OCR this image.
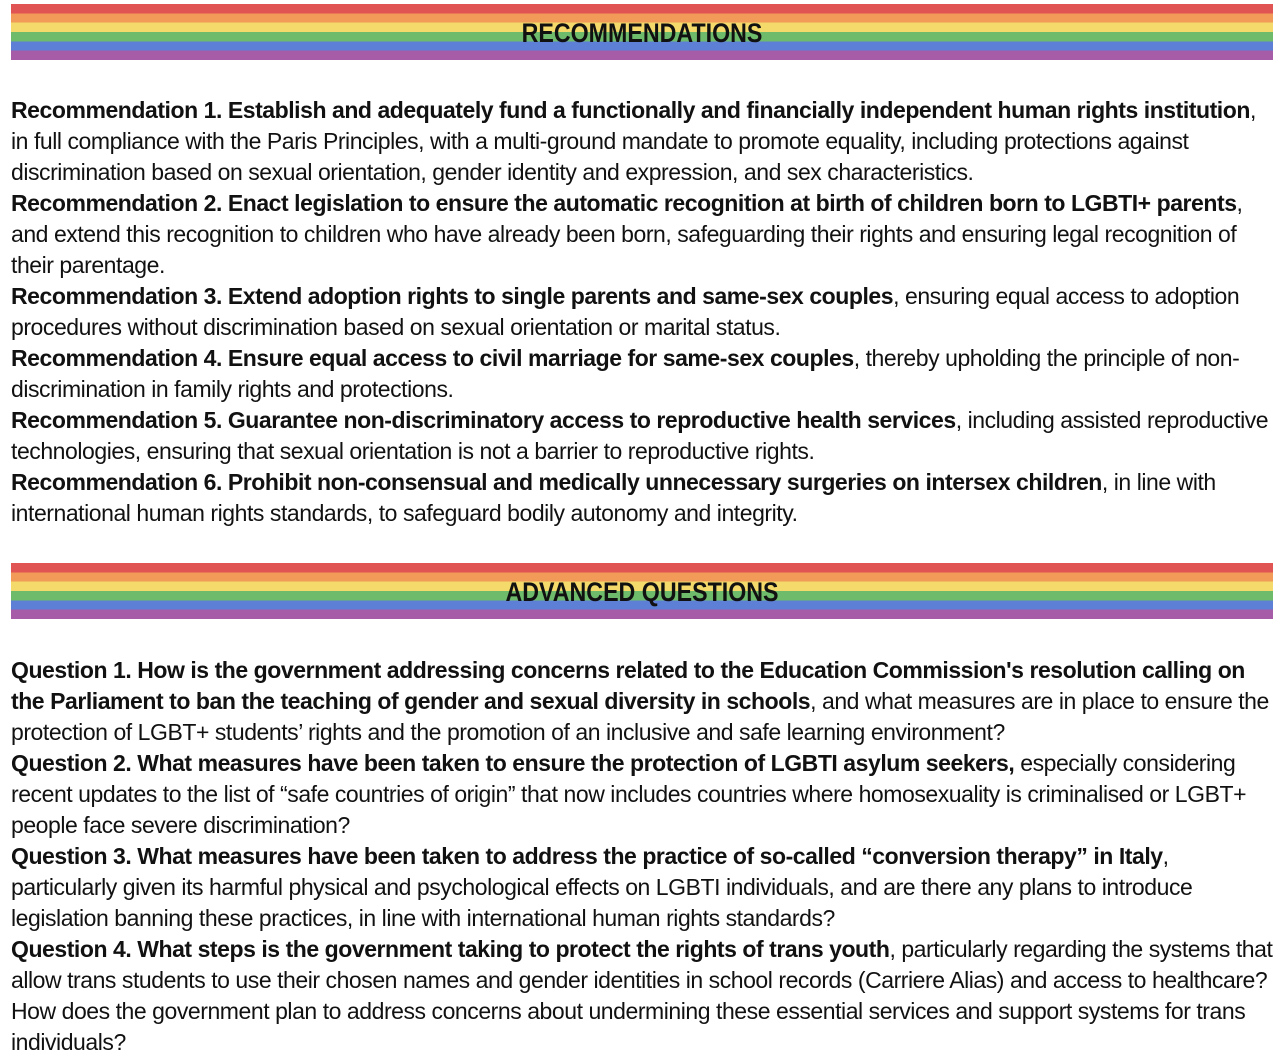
RECOMMENDATIONS

Recommendation 1. Establish and adequately fund a functionally and financially independent human rights institution, in full compliance with the Paris Principles, with a multi-ground mandate to promote equality, including protections against discrimination based on sexual orientation, gender identity and expression, and sex characteristics.

Recommendation 2. Enact legislation to ensure the automatic recognition at birth of children born to LGBTI+ parents, and extend this recognition to children who have already been born, safeguarding their rights and ensuring legal recognition of their parentage.

Recommendation 3. Extend adoption rights to single parents and same-sex couples, ensuring equal access to adoption procedures without discrimination based on sexual orientation or marital status.

Recommendation 4. Ensure equal access to civil marriage for same-sex couples, thereby upholding the principle of non-discrimination in family rights and protections.

Recommendation 5. Guarantee non-discriminatory access to reproductive health services, including assisted reproductive technologies, ensuring that sexual orientation is not a barrier to reproductive rights.

Recommendation 6. Prohibit non-consensual and medically unnecessary surgeries on intersex children, in line with international human rights standards, to safeguard bodily autonomy and integrity.

ADVANCED QUESTIONS

Question 1. How is the government addressing concerns related to the Education Commission's resolution calling on the Parliament to ban the teaching of gender and sexual diversity in schools, and what measures are in place to ensure the protection of LGBT+ students’ rights and the promotion of an inclusive and safe learning environment?

Question 2. What measures have been taken to ensure the protection of LGBTI asylum seekers, especially considering recent updates to the list of “safe countries of origin” that now includes countries where homosexuality is criminalised or LGBT+ people face severe discrimination?

Question 3. What measures have been taken to address the practice of so-called “conversion therapy” in Italy, particularly given its harmful physical and psychological effects on LGBTI individuals, and are there any plans to introduce legislation banning these practices, in line with international human rights standards?

Question 4. What steps is the government taking to protect the rights of trans youth, particularly regarding the systems that allow trans students to use their chosen names and gender identities in school records (Carriere Alias) and access to healthcare? How does the government plan to address concerns about undermining these essential services and support systems for trans individuals?
